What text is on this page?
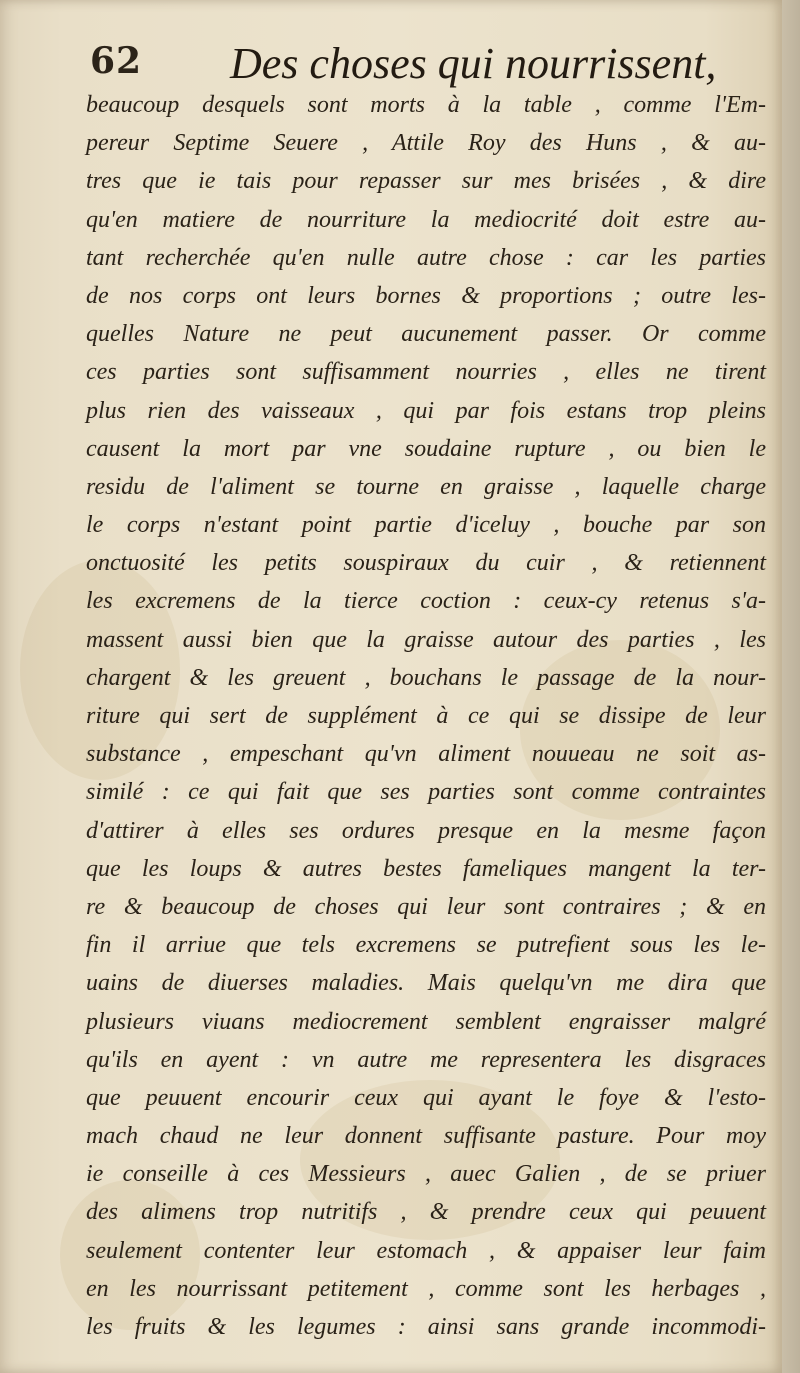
62 Des choses qui nourrissent,
beaucoup desquels sont morts à la table , comme l'Em-
pereur Septime Seuere , Attile Roy des Huns , & au-
tres que ie tais pour repasser sur mes brisées , & dire
qu'en matiere de nourriture la mediocrité doit estre au-
tant recherchée qu'en nulle autre chose : car les parties
de nos corps ont leurs bornes & proportions ; outre les-
quelles Nature ne peut aucunement passer. Or comme
ces parties sont suffisamment nourries , elles ne tirent
plus rien des vaisseaux , qui par fois estans trop pleins
causent la mort par vne soudaine rupture , ou bien le
residu de l'aliment se tourne en graisse , laquelle charge
le corps n'estant point partie d'iceluy , bouche par son
onctuosité les petits souspiraux du cuir , & retiennent
les excremens de la tierce coction : ceux-cy retenus s'a-
massent aussi bien que la graisse autour des parties , les
chargent & les greuent , bouchans le passage de la nour-
riture qui sert de supplément à ce qui se dissipe de leur
substance , empeschant qu'vn aliment nouueau ne soit as-
similé : ce qui fait que ses parties sont comme contraintes
d'attirer à elles ses ordures presque en la mesme façon
que les loups & autres bestes fameliques mangent la ter-
re & beaucoup de choses qui leur sont contraires ; & en
fin il arriue que tels excremens se putrefient sous les le-
uains de diuerses maladies. Mais quelqu'vn me dira que
plusieurs viuans mediocrement semblent engraisser malgré
qu'ils en ayent : vn autre me representera les disgraces
que peuuent encourir ceux qui ayant le foye & l'esto-
mach chaud ne leur donnent suffisante pasture. Pour moy
ie conseille à ces Messieurs , auec Galien , de se priuer
des alimens trop nutritifs , & prendre ceux qui peuuent
seulement contenter leur estomach , & appaiser leur faim
en les nourrissant petitement , comme sont les herbages ,
les fruits & les legumes : ainsi sans grande incommodi-
